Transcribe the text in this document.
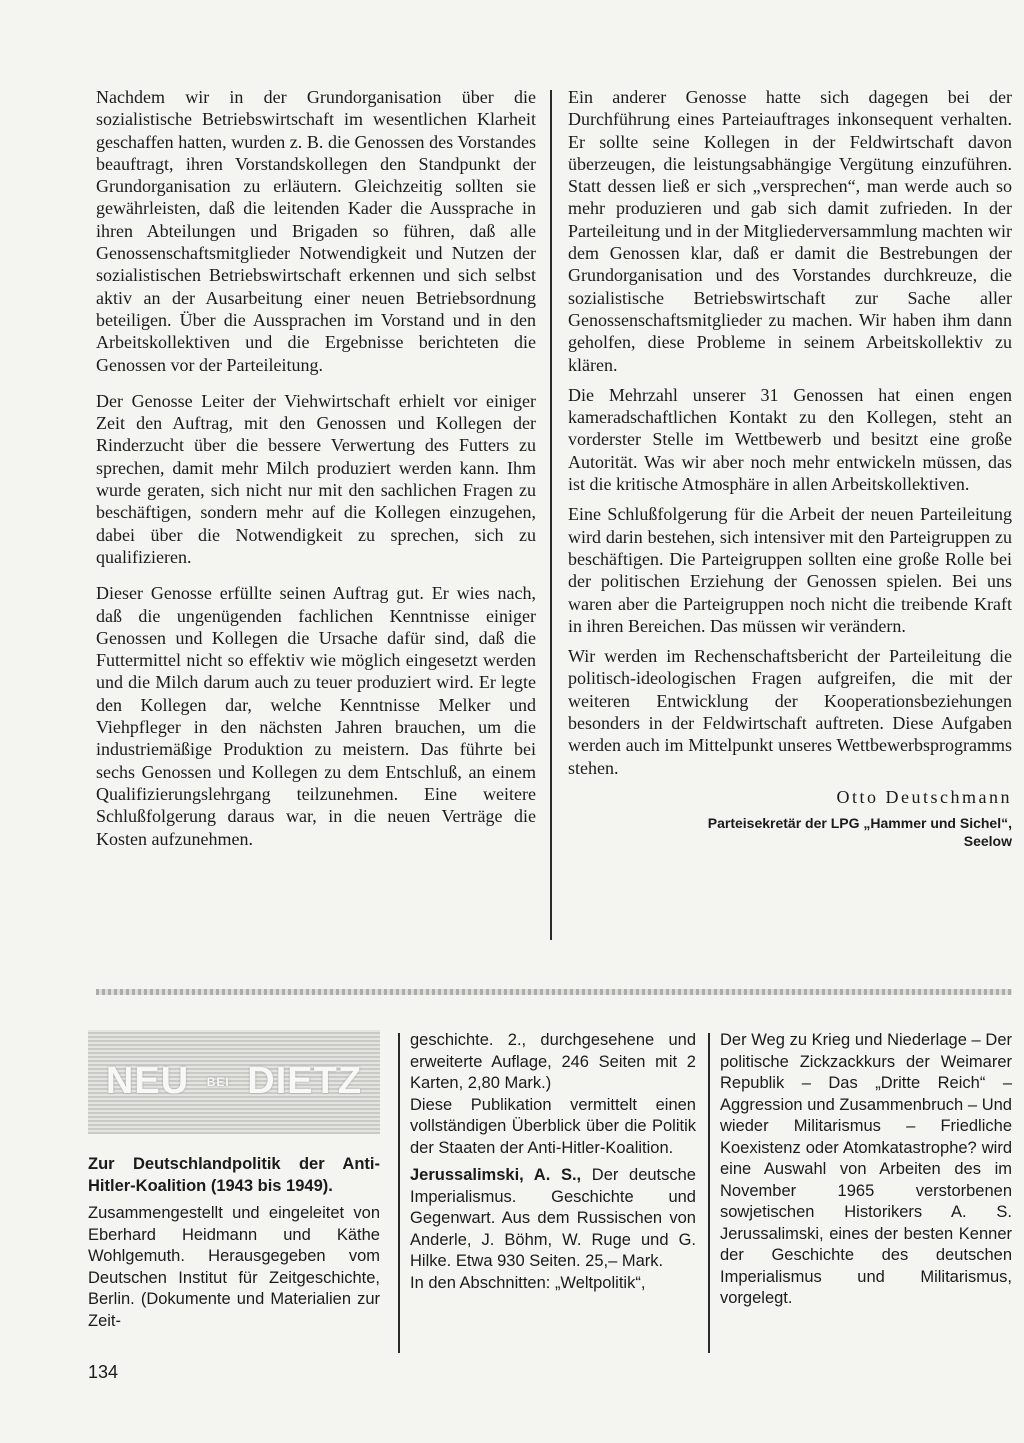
Nachdem wir in der Grundorganisation über die sozialistische Betriebswirtschaft im wesentlichen Klarheit geschaffen hatten, wurden z. B. die Genossen des Vorstandes beauftragt, ihren Vorstandskollegen den Standpunkt der Grundorganisation zu erläutern. Gleichzeitig sollten sie gewährleisten, daß die leitenden Kader die Aussprache in ihren Abteilungen und Brigaden so führen, daß alle Genossenschaftsmitglieder Notwendigkeit und Nutzen der sozialistischen Betriebswirtschaft erkennen und sich selbst aktiv an der Ausarbeitung einer neuen Betriebsordnung beteiligen. Über die Aussprachen im Vorstand und in den Arbeitskollektiven und die Ergebnisse berichteten die Genossen vor der Parteileitung.

Der Genosse Leiter der Viehwirtschaft erhielt vor einiger Zeit den Auftrag, mit den Genossen und Kollegen der Rinderzucht über die bessere Verwertung des Futters zu sprechen, damit mehr Milch produziert werden kann. Ihm wurde geraten, sich nicht nur mit den sachlichen Fragen zu beschäftigen, sondern mehr auf die Kollegen einzugehen, dabei über die Notwendigkeit zu sprechen, sich zu qualifizieren.

Dieser Genosse erfüllte seinen Auftrag gut. Er wies nach, daß die ungenügenden fachlichen Kenntnisse einiger Genossen und Kollegen die Ursache dafür sind, daß die Futtermittel nicht so effektiv wie möglich eingesetzt werden und die Milch darum auch zu teuer produziert wird. Er legte den Kollegen dar, welche Kenntnisse Melker und Viehpfleger in den nächsten Jahren brauchen, um die industriemäßige Produktion zu meistern. Das führte bei sechs Genossen und Kollegen zu dem Entschluß, an einem Qualifizierungslehrgang teilzunehmen. Eine weitere Schlußfolgerung daraus war, in die neuen Verträge die Kosten aufzunehmen.

Ein anderer Genosse hatte sich dagegen bei der Durchführung eines Parteiauftrages inkonsequent verhalten. Er sollte seine Kollegen in der Feldwirtschaft davon überzeugen, die leistungsabhängige Vergütung einzuführen. Statt dessen ließ er sich „versprechen“, man werde auch so mehr produzieren und gab sich damit zufrieden. In der Parteileitung und in der Mitgliederversammlung machten wir dem Genossen klar, daß er damit die Bestrebungen der Grundorganisation und des Vorstandes durchkreuze, die sozialistische Betriebswirtschaft zur Sache aller Genossenschaftsmitglieder zu machen. Wir haben ihm dann geholfen, diese Probleme in seinem Arbeitskollektiv zu klären.

Die Mehrzahl unserer 31 Genossen hat einen engen kameradschaftlichen Kontakt zu den Kollegen, steht an vorderster Stelle im Wettbewerb und besitzt eine große Autorität. Was wir aber noch mehr entwickeln müssen, das ist die kritische Atmosphäre in allen Arbeitskollektiven.

Eine Schlußfolgerung für die Arbeit der neuen Parteileitung wird darin bestehen, sich intensiver mit den Parteigruppen zu beschäftigen. Die Parteigruppen sollten eine große Rolle bei der politischen Erziehung der Genossen spielen. Bei uns waren aber die Parteigruppen noch nicht die treibende Kraft in ihren Bereichen. Das müssen wir verändern.

Wir werden im Rechenschaftsbericht der Parteileitung die politisch-ideologischen Fragen aufgreifen, die mit der weiteren Entwicklung der Kooperationsbeziehungen besonders in der Feldwirtschaft auftreten. Diese Aufgaben werden auch im Mittelpunkt unseres Wettbewerbsprogramms stehen.

Otto Deutschmann
Parteisekretär der LPG „Hammer und Sichel“,
Seelow
NEU BEI DIETZ

Zur Deutschlandpolitik der Anti-Hitler-Koalition (1943 bis 1949).

Zusammengestellt und eingeleitet von Eberhard Heidmann und Käthe Wohlgemuth. Herausgegeben vom Deutschen Institut für Zeitgeschichte, Berlin. (Dokumente und Materialien zur Zeit-

geschichte. 2., durchgesehene und erweiterte Auflage, 246 Seiten mit 2 Karten, 2,80 Mark.)

Diese Publikation vermittelt einen vollständigen Überblick über die Politik der Staaten der Anti-Hitler-Koalition.

Jerussalimski, A. S., Der deutsche Imperialismus. Geschichte und Gegenwart. Aus dem Russischen von Anderle, J. Böhm, W. Ruge und G. Hilke. Etwa 930 Seiten. 25,– Mark.

In den Abschnitten: „Weltpolitik“,

Der Weg zu Krieg und Niederlage – Der politische Zickzackkurs der Weimarer Republik – Das „Dritte Reich“ – Aggression und Zusammenbruch – Und wieder Militarismus – Friedliche Koexistenz oder Atomkatastrophe? wird eine Auswahl von Arbeiten des im November 1965 verstorbenen sowjetischen Historikers A. S. Jerussalimski, eines der besten Kenner der Geschichte des deutschen Imperialismus und Militarismus, vorgelegt.

134
